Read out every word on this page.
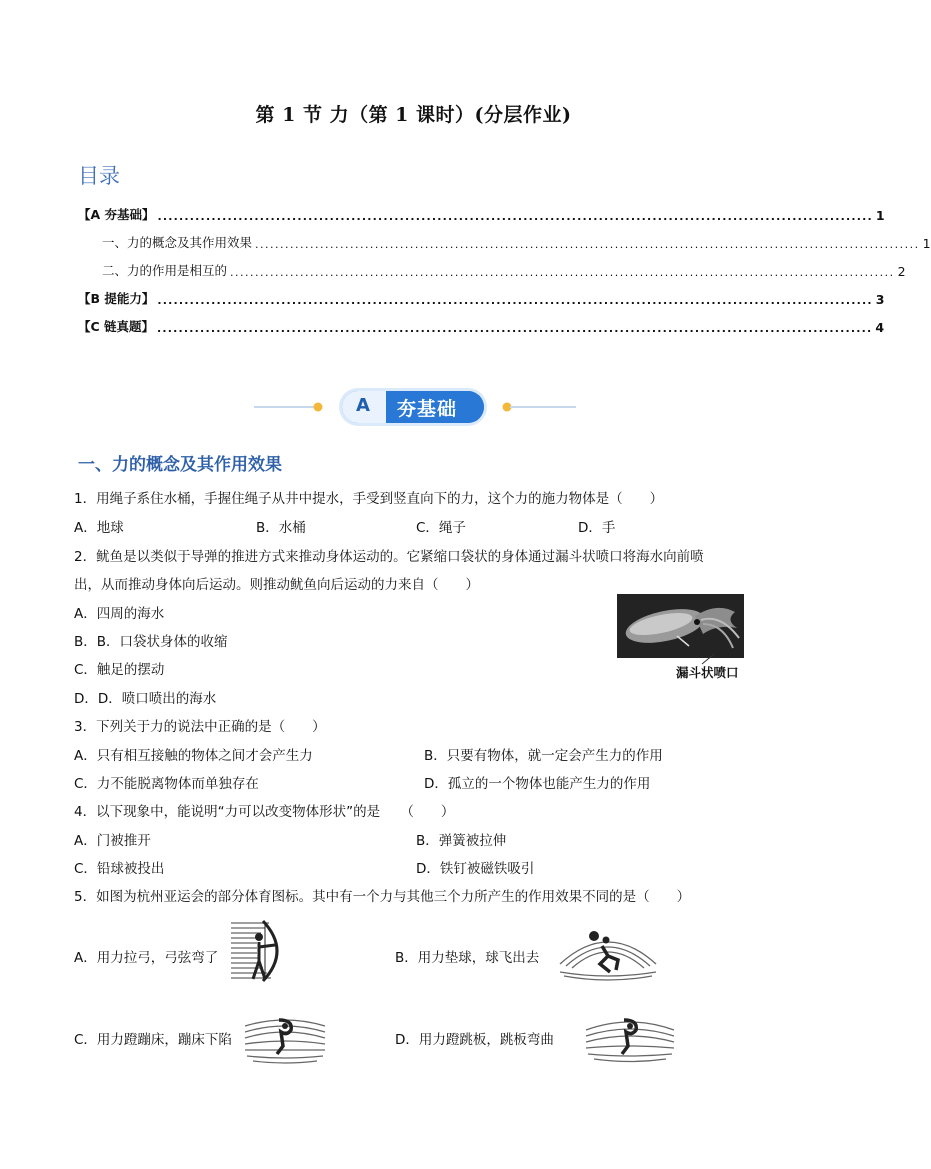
第 1 节 力（第 1 课时）(分层作业)
目录
【A 夯基础】 ..................................................................................................................................... 1
一、力的概念及其作用效果 ..................................................................................................................................... 1
二、力的作用是相互的 ..................................................................................................................................... 2
【B 提能力】 ..................................................................................................................................... 3
【C 链真题】 ..................................................................................................................................... 4
A 夯基础
一、力的概念及其作用效果
1．用绳子系住水桶，手握住绳子从井中提水，手受到竖直向下的力，这个力的施力物体是（　　）
A．地球	B．水桶	C．绳子	D．手
2．鱿鱼是以类似于导弹的推进方式来推动身体运动的。它紧缩口袋状的身体通过漏斗状喷口将海水向前喷
出，从而推动身体向后运动。则推动鱿鱼向后运动的力来自（　　）
A．四周的海水
B．B．口袋状身体的收缩
C．触足的摆动
D．D．喷口喷出的海水
漏斗状喷口
3．下列关于力的说法中正确的是（　　）
A．只有相互接触的物体之间才会产生力	B．只要有物体，就一定会产生力的作用
C．力不能脱离物体而单独存在	D．孤立的一个物体也能产生力的作用
4．以下现象中，能说明“力可以改变物体形状”的是　　（　　）
A．门被推开	B．弹簧被拉伸
C．铅球被投出	D．铁钉被磁铁吸引
5．如图为杭州亚运会的部分体育图标。其中有一个力与其他三个力所产生的作用效果不同的是（　　）
A．用力拉弓，弓弦弯了	B．用力垫球，球飞出去
C．用力蹬蹦床，蹦床下陷	D．用力蹬跳板，跳板弯曲
